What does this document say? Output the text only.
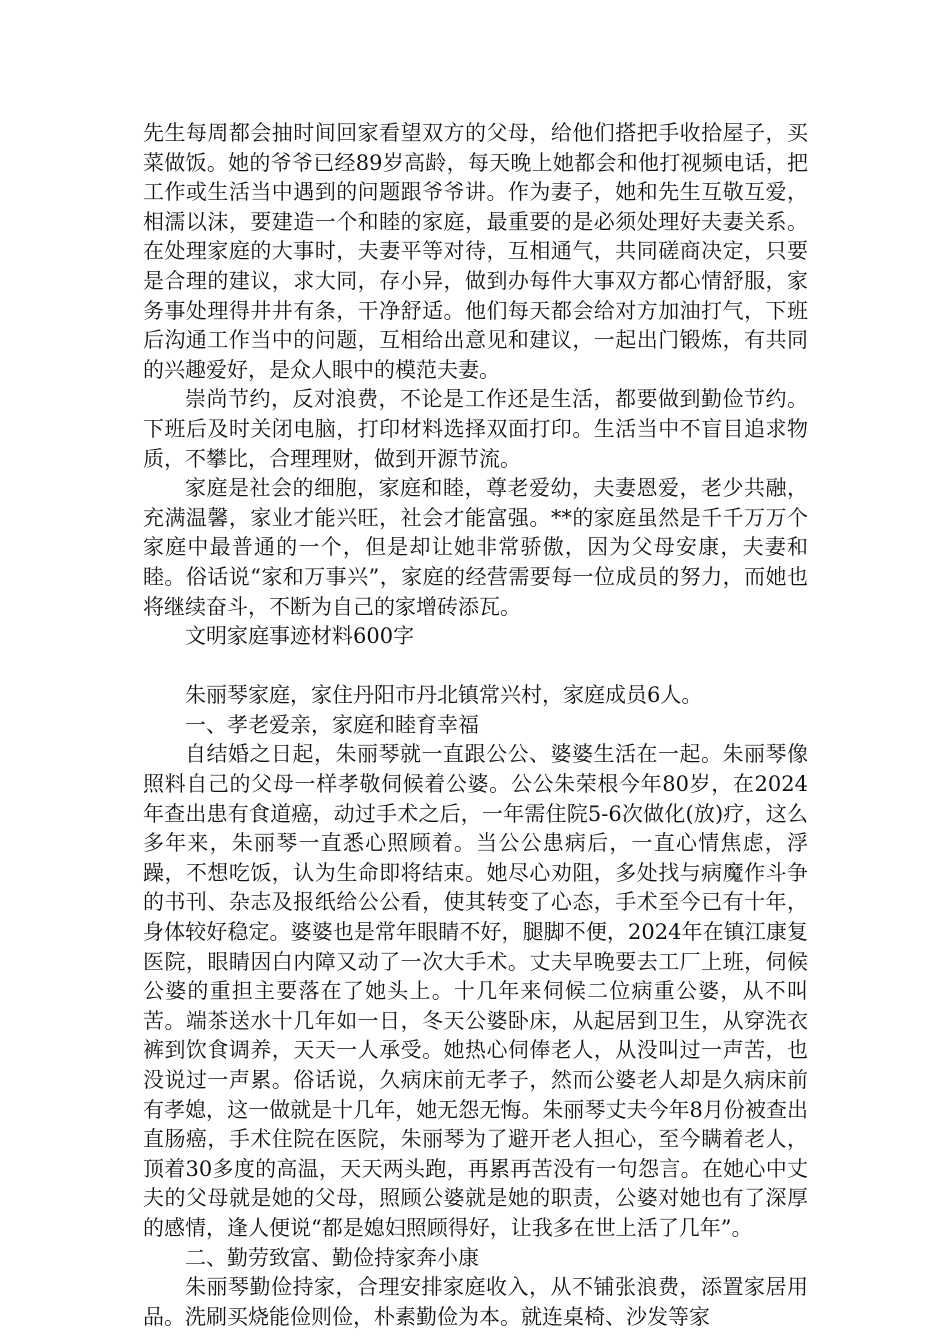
先生每周都会抽时间回家看望双方的父母，给他们搭把手收拾屋子，买菜做饭。她的爷爷已经89岁高龄，每天晚上她都会和他打视频电话，把工作或生活当中遇到的问题跟爷爷讲。作为妻子，她和先生互敬互爱，相濡以沫，要建造一个和睦的家庭，最重要的是必须处理好夫妻关系。在处理家庭的大事时，夫妻平等对待，互相通气，共同磋商决定，只要是合理的建议，求大同，存小异，做到办每件大事双方都心情舒服，家务事处理得井井有条，干净舒适。他们每天都会给对方加油打气，下班后沟通工作当中的问题，互相给出意见和建议，一起出门锻炼，有共同的兴趣爱好，是众人眼中的模范夫妻。

崇尚节约，反对浪费，不论是工作还是生活，都要做到勤俭节约。下班后及时关闭电脑，打印材料选择双面打印。生活当中不盲目追求物质，不攀比，合理理财，做到开源节流。

家庭是社会的细胞，家庭和睦，尊老爱幼，夫妻恩爱，老少共融，充满温馨，家业才能兴旺，社会才能富强。**的家庭虽然是千千万万个家庭中最普通的一个，但是却让她非常骄傲，因为父母安康，夫妻和睦。俗话说“家和万事兴”，家庭的经营需要每一位成员的努力，而她也将继续奋斗，不断为自己的家增砖添瓦。

文明家庭事迹材料600字

朱丽琴家庭，家住丹阳市丹北镇常兴村，家庭成员6人。

一、孝老爱亲，家庭和睦育幸福

自结婚之日起，朱丽琴就一直跟公公、婆婆生活在一起。朱丽琴像照料自己的父母一样孝敬伺候着公婆。公公朱荣根今年80岁，在2024年查出患有食道癌，动过手术之后，一年需住院5-6次做化(放)疗，这么多年来，朱丽琴一直悉心照顾着。当公公患病后，一直心情焦虑，浮躁，不想吃饭，认为生命即将结束。她尽心劝阻，多处找与病魔作斗争的书刊、杂志及报纸给公公看，使其转变了心态，手术至今已有十年，身体较好稳定。婆婆也是常年眼睛不好，腿脚不便，2024年在镇江康复医院，眼睛因白内障又动了一次大手术。丈夫早晚要去工厂上班，伺候公婆的重担主要落在了她头上。十几年来伺候二位病重公婆，从不叫苦。端茶送水十几年如一日，冬天公婆卧床，从起居到卫生，从穿洗衣裤到饮食调养，天天一人承受。她热心伺俸老人，从没叫过一声苦，也没说过一声累。俗话说，久病床前无孝子，然而公婆老人却是久病床前有孝媳，这一做就是十几年，她无怨无悔。朱丽琴丈夫今年8月份被查出直肠癌，手术住院在医院，朱丽琴为了避开老人担心，至今瞒着老人，顶着30多度的高温，天天两头跑，再累再苦没有一句怨言。在她心中丈夫的父母就是她的父母，照顾公婆就是她的职责，公婆对她也有了深厚的感情，逢人便说“都是媳妇照顾得好，让我多在世上活了几年”。

二、勤劳致富、勤俭持家奔小康

朱丽琴勤俭持家，合理安排家庭收入，从不铺张浪费，添置家居用品。洗刷买烧能俭则俭，朴素勤俭为本。就连桌椅、沙发等家
